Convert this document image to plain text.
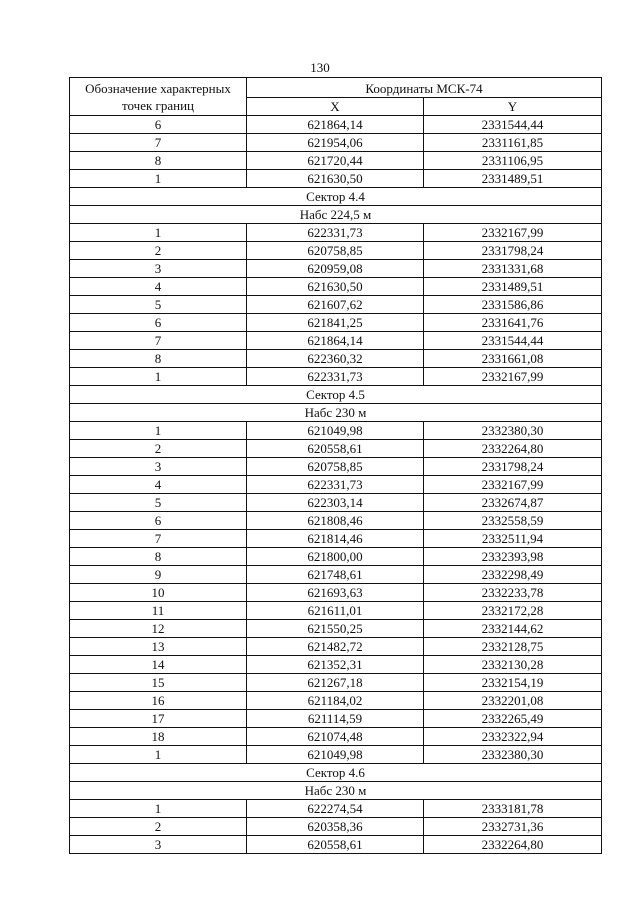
130
Обозначение характерных точек границ	Координаты МСК-74	
	X	Y
6	621864,14	2331544,44
7	621954,06	2331161,85
8	621720,44	2331106,95
1	621630,50	2331489,51
Сектор 4.4		
Набс 224,5 м		
1	622331,73	2332167,99
2	620758,85	2331798,24
3	620959,08	2331331,68
4	621630,50	2331489,51
5	621607,62	2331586,86
6	621841,25	2331641,76
7	621864,14	2331544,44
8	622360,32	2331661,08
1	622331,73	2332167,99
Сектор 4.5		
Набс 230 м		
1	621049,98	2332380,30
2	620558,61	2332264,80
3	620758,85	2331798,24
4	622331,73	2332167,99
5	622303,14	2332674,87
6	621808,46	2332558,59
7	621814,46	2332511,94
8	621800,00	2332393,98
9	621748,61	2332298,49
10	621693,63	2332233,78
11	621611,01	2332172,28
12	621550,25	2332144,62
13	621482,72	2332128,75
14	621352,31	2332130,28
15	621267,18	2332154,19
16	621184,02	2332201,08
17	621114,59	2332265,49
18	621074,48	2332322,94
1	621049,98	2332380,30
Сектор 4.6		
Набс 230 м		
1	622274,54	2333181,78
2	620358,36	2332731,36
3	620558,61	2332264,80
